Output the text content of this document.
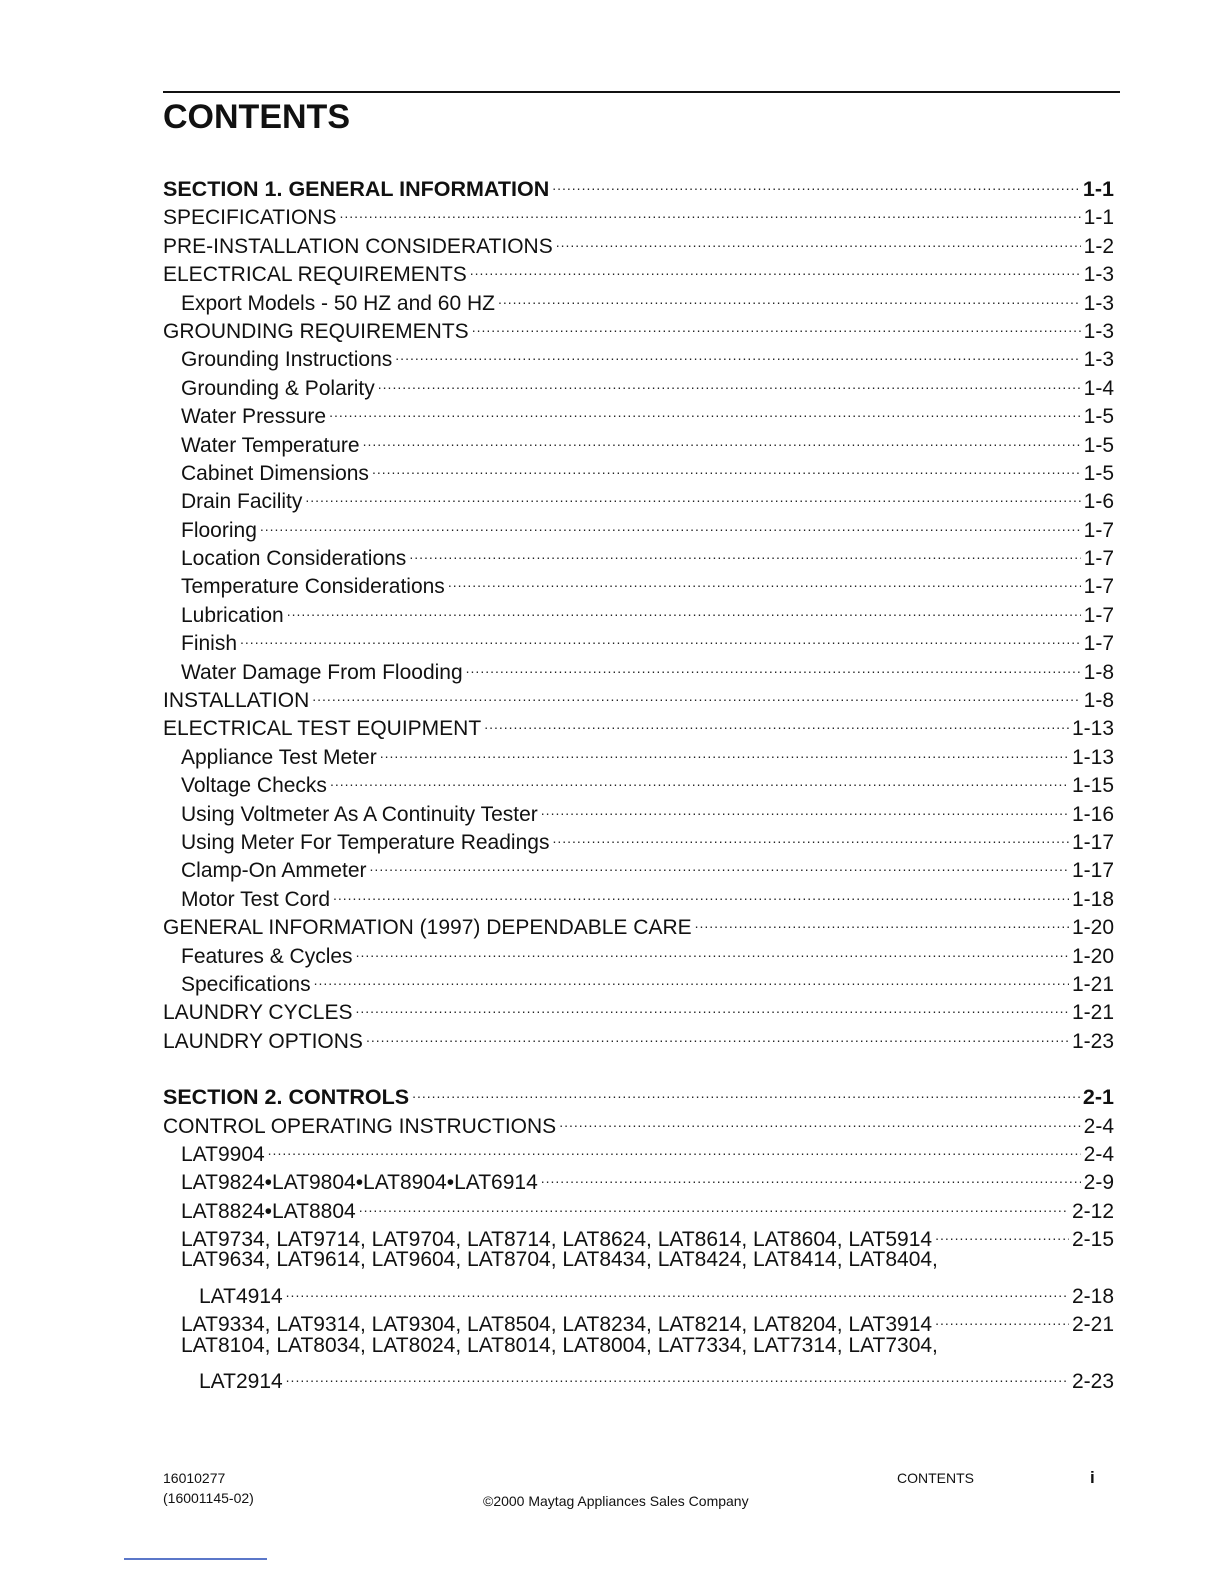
CONTENTS
SECTION 1. GENERAL INFORMATION .....	1-1
SPECIFICATIONS .....	1-1
PRE-INSTALLATION CONSIDERATIONS .....	1-2
ELECTRICAL REQUIREMENTS .....	1-3
Export Models - 50 HZ and 60 HZ .....	1-3
GROUNDING REQUIREMENTS .....	1-3
Grounding Instructions .....	1-3
Grounding & Polarity .....	1-4
Water Pressure .....	1-5
Water Temperature .....	1-5
Cabinet Dimensions .....	1-5
Drain Facility .....	1-6
Flooring .....	1-7
Location Considerations .....	1-7
Temperature Considerations .....	1-7
Lubrication .....	1-7
Finish .....	1-7
Water Damage From Flooding .....	1-8
INSTALLATION .....	1-8
ELECTRICAL TEST EQUIPMENT .....	1-13
Appliance Test Meter .....	1-13
Voltage Checks .....	1-15
Using Voltmeter As A Continuity Tester .....	1-16
Using Meter For Temperature Readings .....	1-17
Clamp-On Ammeter .....	1-17
Motor Test Cord .....	1-18
GENERAL INFORMATION (1997) DEPENDABLE CARE .....	1-20
Features & Cycles .....	1-20
Specifications .....	1-21
LAUNDRY CYCLES .....	1-21
LAUNDRY OPTIONS .....	1-23
SECTION 2. CONTROLS .....	2-1
CONTROL OPERATING INSTRUCTIONS .....	2-4
LAT9904 .....	2-4
LAT9824•LAT9804•LAT8904•LAT6914 .....	2-9
LAT8824•LAT8804 .....	2-12
LAT9734, LAT9714, LAT9704, LAT8714, LAT8624, LAT8614, LAT8604, LAT5914 .....	2-15
LAT9634, LAT9614, LAT9604, LAT8704, LAT8434, LAT8424, LAT8414, LAT8404,
LAT4914 .....	2-18
LAT9334, LAT9314, LAT9304, LAT8504, LAT8234, LAT8214, LAT8204, LAT3914 .....	2-21
LAT8104, LAT8034, LAT8024, LAT8014, LAT8004, LAT7334, LAT7314, LAT7304,
LAT2914 .....	2-23
16010277
(16001145-02)	©2000 Maytag Appliances Sales Company
CONTENTS	i
